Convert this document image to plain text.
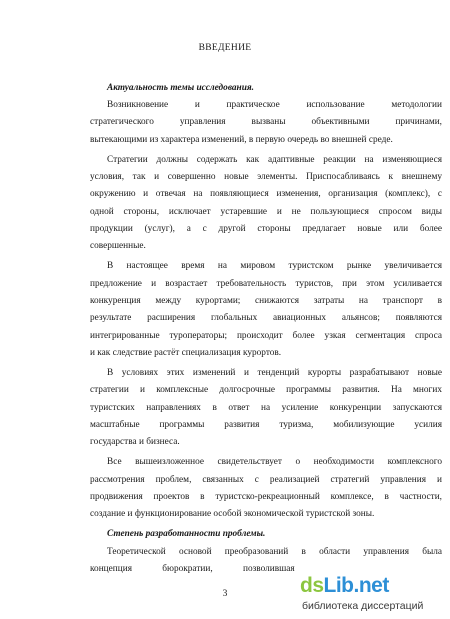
ВВЕДЕНИЕ
Актуальность темы исследования.
Возникновение и практическое использование методологии
стратегического управления вызваны объективными причинами,
вытекающими из характера изменений, в первую очередь во внешней среде.
Стратегии должны содержать как адаптивные реакции на изменяющиеся
условия, так и совершенно новые элементы. Приспосабливаясь к внешнему
окружению и отвечая на появляющиеся изменения, организация (комплекс), с
одной стороны, исключает устаревшие и не пользующиеся спросом виды
продукции (услуг), а с другой стороны предлагает новые или более
совершенные.
В настоящее время на мировом туристском рынке увеличивается
предложение и возрастает требовательность туристов, при этом усиливается
конкуренция между курортами; снижаются затраты на транспорт в
результате расширения глобальных авиационных альянсов; появляются
интегрированные туроператоры; происходит более узкая сегментация спроса
и как следствие растёт специализация курортов.
В условиях этих изменений и тенденций курорты разрабатывают новые
стратегии и комплексные долгосрочные программы развития. На многих
туристских направлениях в ответ на усиление конкуренции запускаются
масштабные программы развития туризма, мобилизующие усилия
государства и бизнеса.
Все вышеизложенное свидетельствует о необходимости комплексного
рассмотрения проблем, связанных с реализацией стратегий управления и
продвижения проектов в туристско-рекреационный комплексе, в частности,
создание и функционирование особой экономической туристской зоны.
Степень разработанности проблемы.
Теоретической основой преобразований в области управления была
концепция бюрократии, позволившая
3	dsLib.net
библиотека диссертаций
